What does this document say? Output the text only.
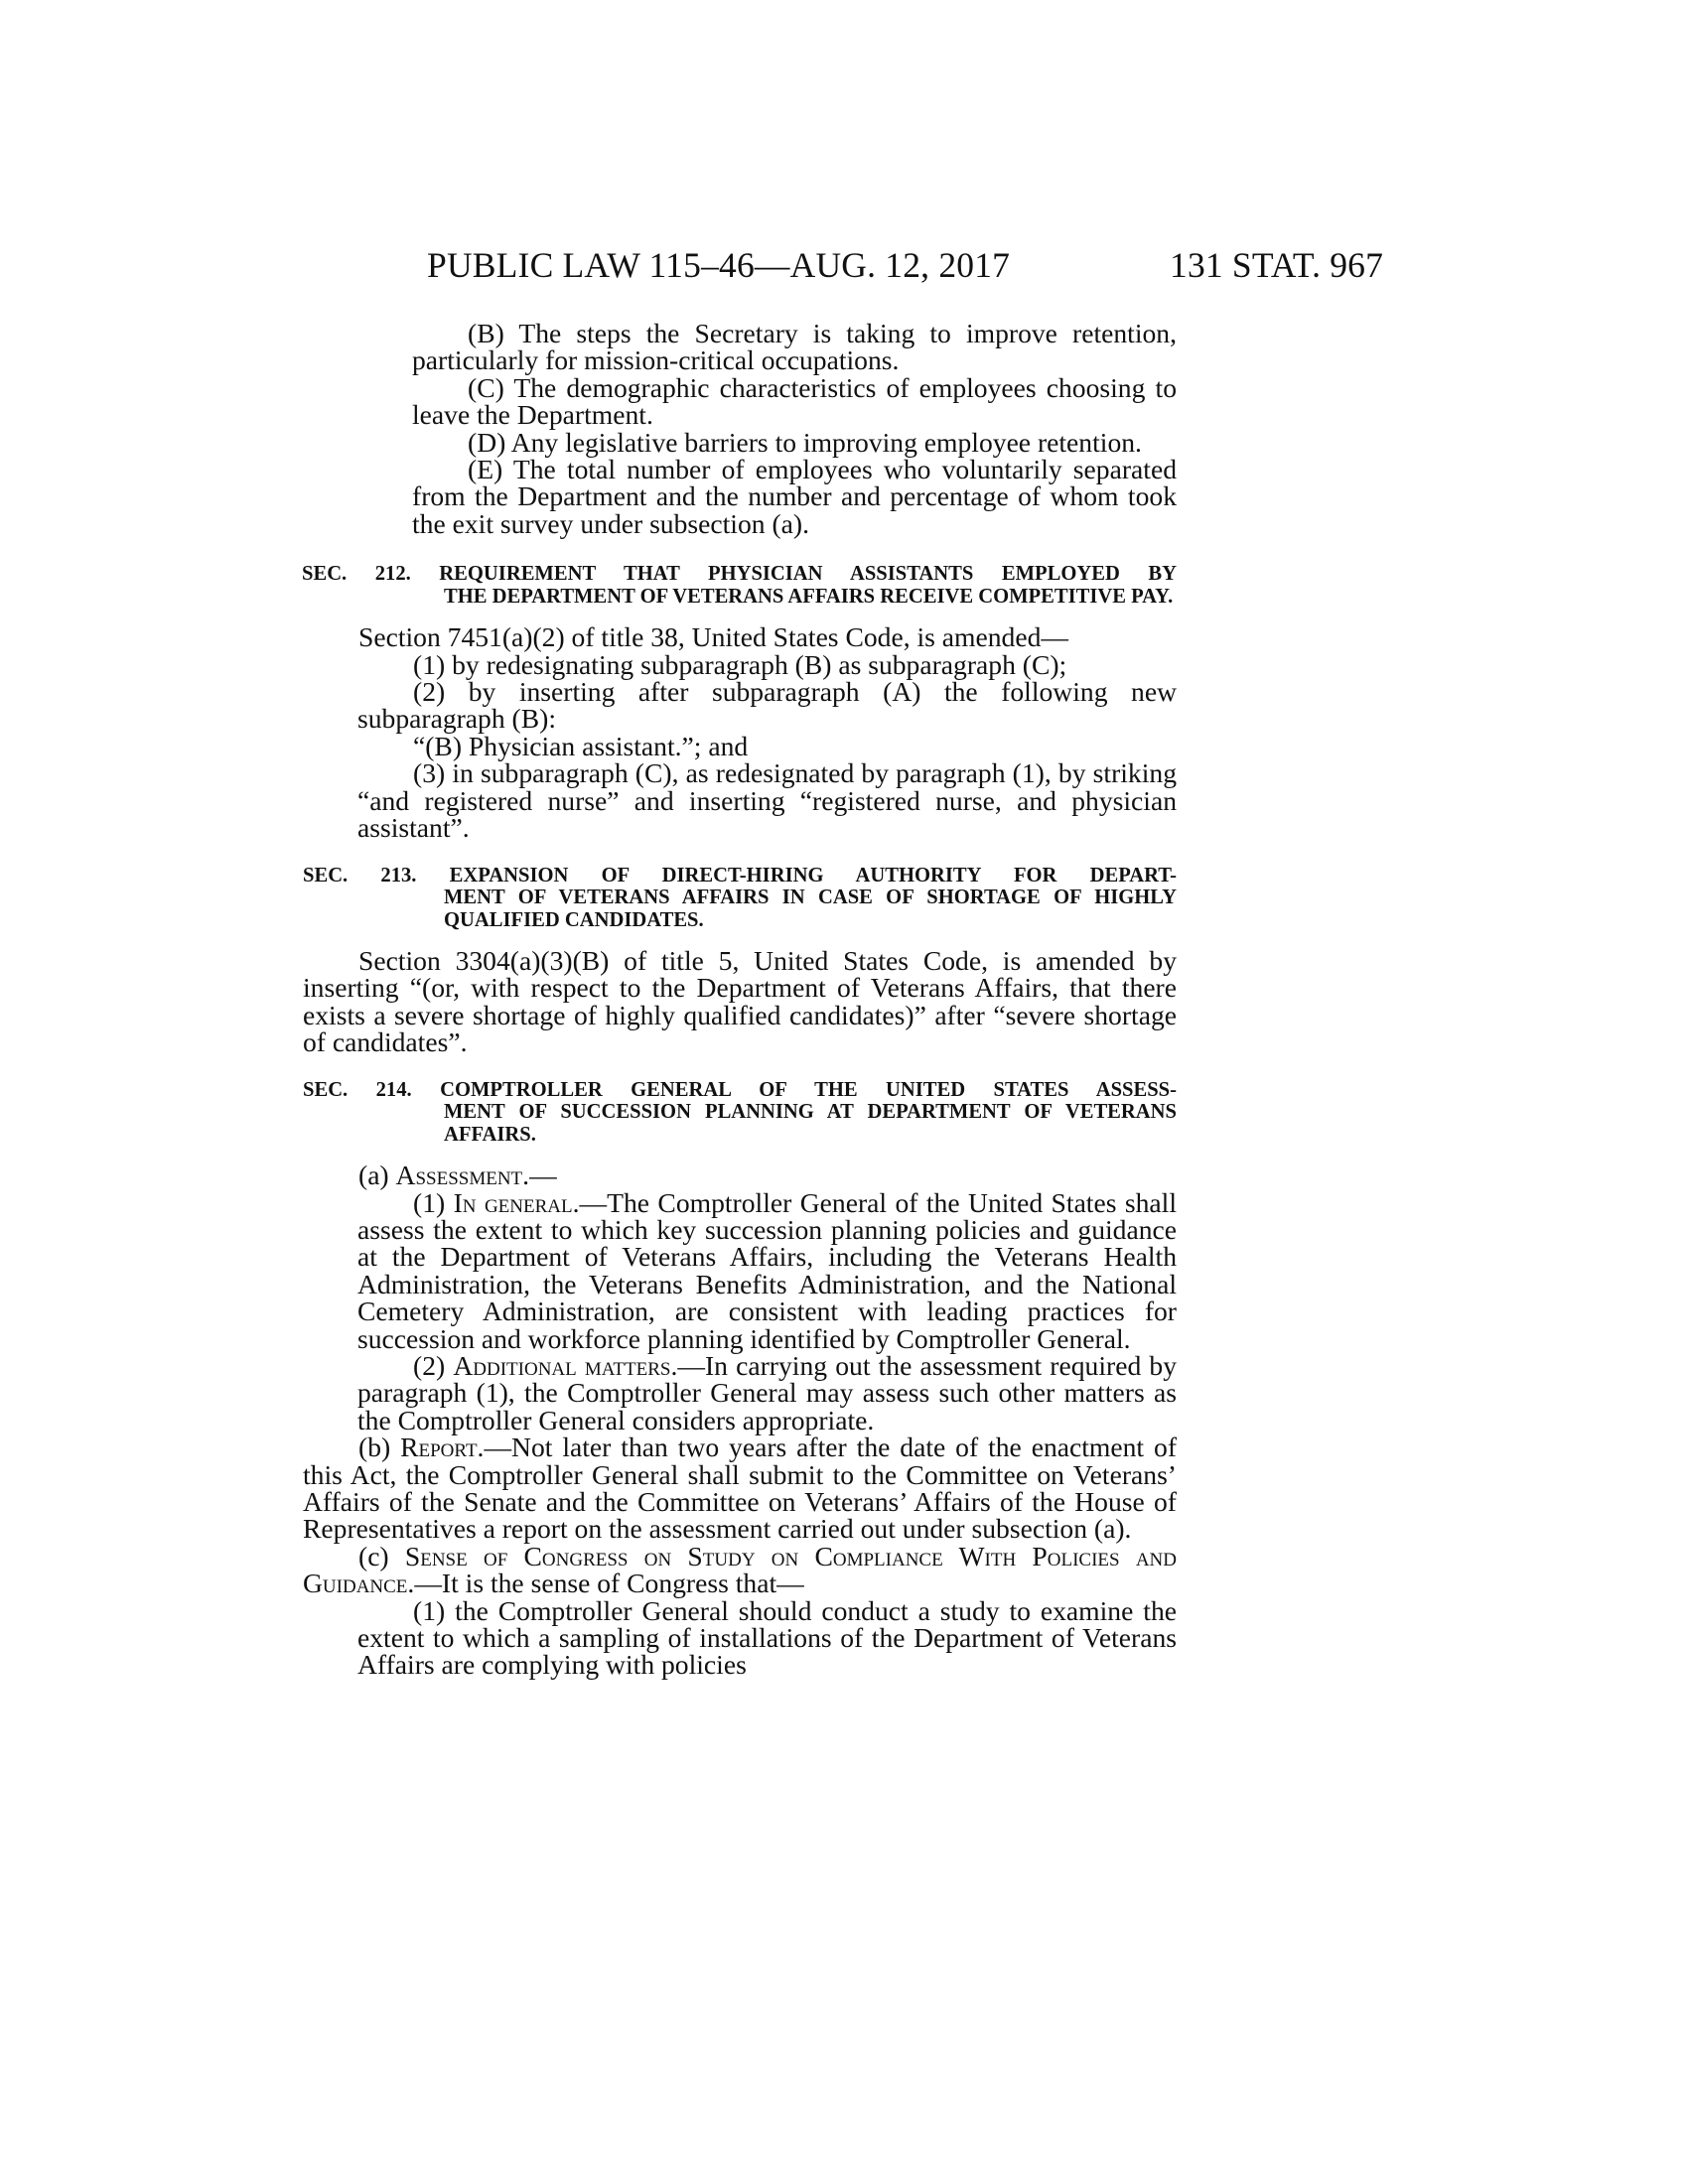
PUBLIC LAW 115–46—AUG. 12, 2017	131 STAT. 967

(B) The steps the Secretary is taking to improve retention, particularly for mission-critical occupations.

(C) The demographic characteristics of employees choosing to leave the Department.

(D) Any legislative barriers to improving employee retention.

(E) The total number of employees who voluntarily separated from the Department and the number and percentage of whom took the exit survey under subsection (a).

SEC. 212. REQUIREMENT THAT PHYSICIAN ASSISTANTS EMPLOYED BY
THE DEPARTMENT OF VETERANS AFFAIRS RECEIVE COMPETITIVE PAY.

Section 7451(a)(2) of title 38, United States Code, is amended—

(1) by redesignating subparagraph (B) as subparagraph (C);

(2) by inserting after subparagraph (A) the following new subparagraph (B):

“(B) Physician assistant.”; and

(3) in subparagraph (C), as redesignated by paragraph (1), by striking “and registered nurse” and inserting “registered nurse, and physician assistant”.

SEC. 213. EXPANSION OF DIRECT-HIRING AUTHORITY FOR DEPART-
MENT OF VETERANS AFFAIRS IN CASE OF SHORTAGE OF HIGHLY QUALIFIED CANDIDATES.

Section 3304(a)(3)(B) of title 5, United States Code, is amended by inserting “(or, with respect to the Department of Veterans Affairs, that there exists a severe shortage of highly qualified candidates)” after “severe shortage of candidates”.

SEC. 214. COMPTROLLER GENERAL OF THE UNITED STATES ASSESS-
MENT OF SUCCESSION PLANNING AT DEPARTMENT OF VETERANS AFFAIRS.

(a) Assessment.—

(1) In general.—The Comptroller General of the United States shall assess the extent to which key succession planning policies and guidance at the Department of Veterans Affairs, including the Veterans Health Administration, the Veterans Benefits Administration, and the National Cemetery Administration, are consistent with leading practices for succession and workforce planning identified by Comptroller General.

(2) Additional matters.—In carrying out the assessment required by paragraph (1), the Comptroller General may assess such other matters as the Comptroller General considers appropriate.

(b) Report.—Not later than two years after the date of the enactment of this Act, the Comptroller General shall submit to the Committee on Veterans’ Affairs of the Senate and the Committee on Veterans’ Affairs of the House of Representatives a report on the assessment carried out under subsection (a).

(c) Sense of Congress on Study on Compliance With Policies and Guidance.—It is the sense of Congress that—

(1) the Comptroller General should conduct a study to examine the extent to which a sampling of installations of the Department of Veterans Affairs are complying with policies
